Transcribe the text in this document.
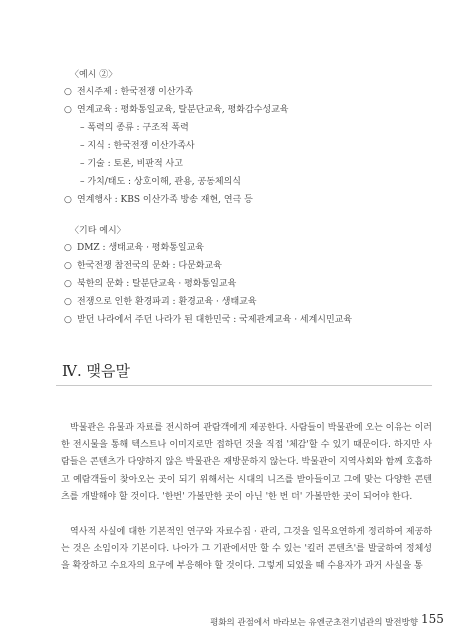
〈예시 ②〉
○ 전시주제 : 한국전쟁 이산가족
○ 연계교육 : 평화통일교육, 탈분단교육, 평화감수성교육
– 폭력의 종류 : 구조적 폭력
– 지식 : 한국전쟁 이산가족사
– 기술 : 토론, 비판적 사고
– 가치/태도 : 상호이해, 관용, 공동체의식
○ 연계행사 : KBS 이산가족 방송 재현, 연극 등
〈기타 예시〉
○ DMZ : 생태교육 · 평화통일교육
○ 한국전쟁 참전국의 문화 : 다문화교육
○ 북한의 문화 : 탈분단교육 · 평화통일교육
○ 전쟁으로 인한 환경파괴 : 환경교육 · 생태교육
○ 받던 나라에서 주던 나라가 된 대한민국 : 국제관계교육 · 세계시민교육
Ⅳ. 맺음말
박물관은 유물과 자료를 전시하여 관람객에게 제공한다. 사람들이 박물관에 오는 이유는 이러한 전시물을 통해 텍스트나 이미지로만 접하던 것을 직접 '체감'할 수 있기 때문이다. 하지만 사람들은 콘텐츠가 다양하지 않은 박물관은 재방문하지 않는다. 박물관이 지역사회와 함께 호흡하고 예람객들이 찾아오는 곳이 되기 위해서는 시대의 니즈를 받아들이고 그에 맞는 다양한 콘텐츠를 개발해야 할 것이다. '한번' 가볼만한 곳이 아닌 '한 번 더' 가볼만한 곳이 되어야 한다.
역사적 사실에 대한 기본적인 연구와 자료수집 · 관리, 그것을 일목요연하게 정리하여 제공하는 것은 소임이자 기본이다. 나아가 그 기관에서만 할 수 있는 '킬러 콘텐츠'를 발굴하여 정체성을 확장하고 수요자의 요구에 부응해야 할 것이다. 그렇게 되었을 때 수용자가 과거 사실을 통
평화의 관점에서 바라보는 유엔군초전기념관의 발전방향 155
